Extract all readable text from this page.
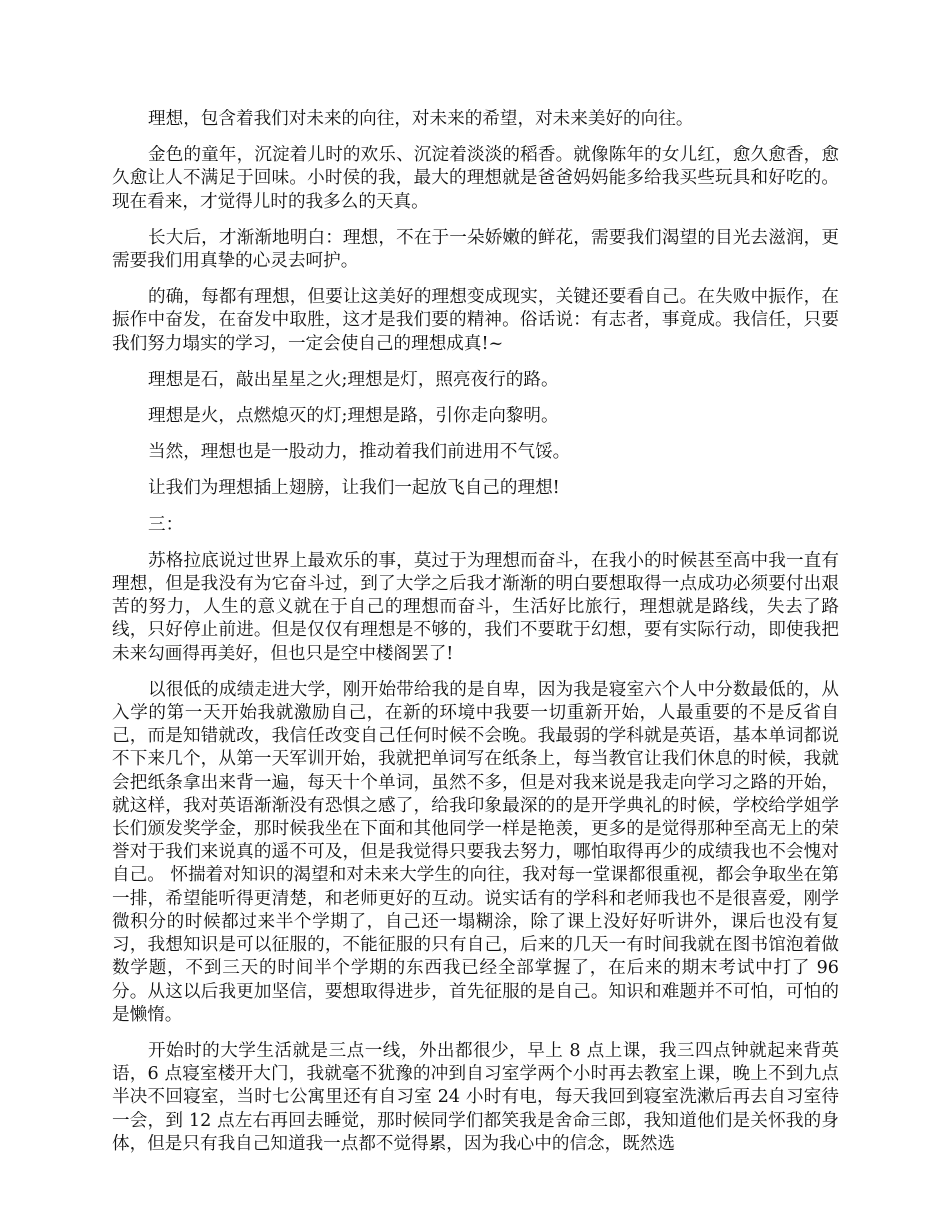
理想，包含着我们对未来的向往，对未来的希望，对未来美好的向往。

金色的童年，沉淀着儿时的欢乐、沉淀着淡淡的稻香。就像陈年的女儿红，愈久愈香，愈久愈让人不满足于回味。小时侯的我，最大的理想就是爸爸妈妈能多给我买些玩具和好吃的。现在看来，才觉得儿时的我多么的天真。

长大后，才渐渐地明白：理想，不在于一朵娇嫩的鲜花，需要我们渴望的目光去滋润，更需要我们用真挚的心灵去呵护。

的确，每都有理想，但要让这美好的理想变成现实，关键还要看自己。在失败中振作，在振作中奋发，在奋发中取胜，这才是我们要的精神。俗话说：有志者，事竟成。我信任，只要我们努力塌实的学习，一定会使自己的理想成真!~

理想是石，敲出星星之火;理想是灯，照亮夜行的路。

理想是火，点燃熄灭的灯;理想是路，引你走向黎明。

当然，理想也是一股动力，推动着我们前进用不气馁。

让我们为理想插上翅膀，让我们一起放飞自己的理想!

三：

苏格拉底说过世界上最欢乐的事，莫过于为理想而奋斗，在我小的时候甚至高中我一直有理想，但是我没有为它奋斗过，到了大学之后我才渐渐的明白要想取得一点成功必须要付出艰苦的努力，人生的意义就在于自己的理想而奋斗，生活好比旅行，理想就是路线，失去了路线，只好停止前进。但是仅仅有理想是不够的，我们不要耽于幻想，要有实际行动，即使我把未来勾画得再美好，但也只是空中楼阁罢了!

以很低的成绩走进大学，刚开始带给我的是自卑，因为我是寝室六个人中分数最低的，从入学的第一天开始我就激励自己，在新的环境中我要一切重新开始，人最重要的不是反省自己，而是知错就改，我信任改变自己任何时候不会晚。我最弱的学科就是英语，基本单词都说不下来几个，从第一天军训开始，我就把单词写在纸条上，每当教官让我们休息的时候，我就会把纸条拿出来背一遍，每天十个单词，虽然不多，但是对我来说是我走向学习之路的开始，就这样，我对英语渐渐没有恐惧之感了，给我印象最深的的是开学典礼的时候，学校给学姐学长们颁发奖学金，那时候我坐在下面和其他同学一样是艳羡，更多的是觉得那种至高无上的荣誉对于我们来说真的遥不可及，但是我觉得只要我去努力，哪怕取得再少的成绩我也不会愧对自己。 怀揣着对知识的渴望和对未来大学生的向往，我对每一堂课都很重视，都会争取坐在第一排，希望能听得更清楚，和老师更好的互动。说实话有的学科和老师我也不是很喜爱，刚学微积分的时候都过来半个学期了，自己还一塌糊涂，除了课上没好好听讲外，课后也没有复习，我想知识是可以征服的，不能征服的只有自己，后来的几天一有时间我就在图书馆泡着做数学题，不到三天的时间半个学期的东西我已经全部掌握了，在后来的期末考试中打了 96 分。从这以后我更加坚信，要想取得进步，首先征服的是自己。知识和难题并不可怕，可怕的是懒惰。

开始时的大学生活就是三点一线，外出都很少，早上 8 点上课，我三四点钟就起来背英语，6 点寝室楼开大门，我就毫不犹豫的冲到自习室学两个小时再去教室上课，晚上不到九点半决不回寝室，当时七公寓里还有自习室 24 小时有电，每天我回到寝室洗漱后再去自习室待一会，到 12 点左右再回去睡觉，那时候同学们都笑我是舍命三郎，我知道他们是关怀我的身体，但是只有我自己知道我一点都不觉得累，因为我心中的信念，既然选
